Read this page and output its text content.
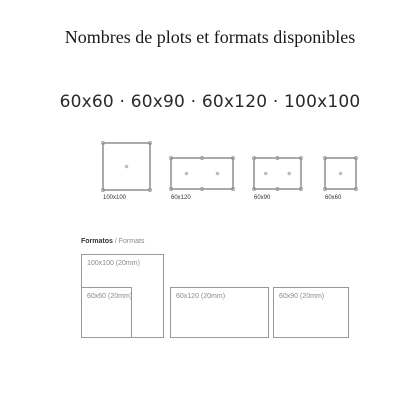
Nombres de plots et formats disponibles
60x60 · 60x90 · 60x120 · 100x100
100x100	60x120	60x90	60x60
Formatos / Formats
100x100 (20mm)
60x60 (20mm)	60x120 (20mm)	60x90 (20mm)
